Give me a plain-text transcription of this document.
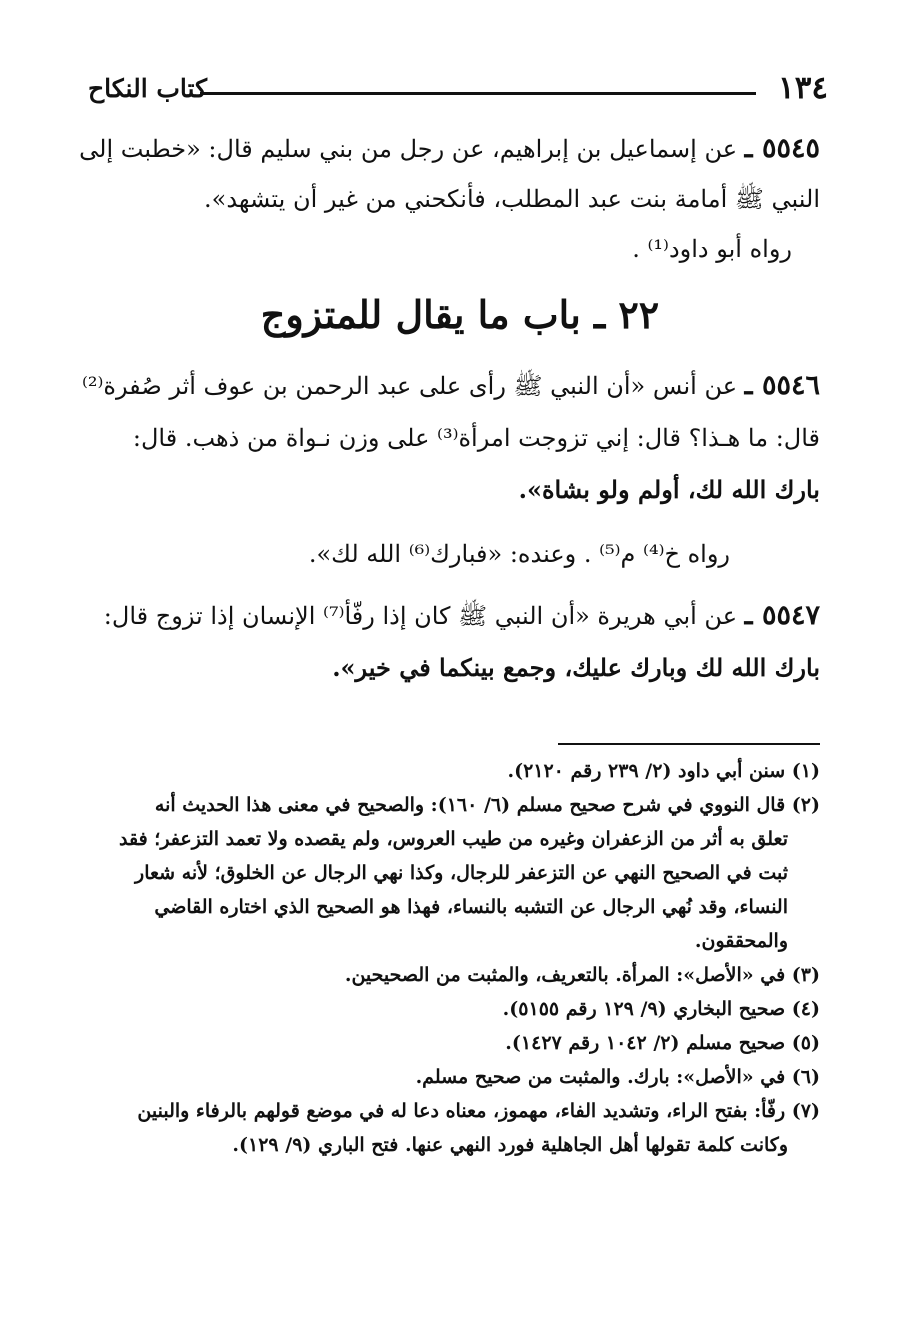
١٣٤
كتاب النكاح
٥٥٤٥ ـ عن إسماعيل بن إبراهيم، عن رجل من بني سليم قال: «خطبت إلى
النبي ﷺ أمامة بنت عبد المطلب، فأنكحني من غير أن يتشهد».
رواه أبو داود⁽¹⁾ .
٢٢ ـ باب ما يقال للمتزوج
٥٥٤٦ ـ عن أنس «أن النبي ﷺ رأى على عبد الرحمن بن عوف أثر صُفرة⁽²⁾
قال: ما هـذا؟ قال: إني تزوجت امرأة⁽³⁾ على وزن نـواة من ذهب. قال:
بارك الله لك، أولم ولو بشاة».
رواه خ⁽⁴⁾ م⁽⁵⁾ . وعنده: «فبارك⁽⁶⁾ الله لك».
٥٥٤٧ ـ عن أبي هريرة «أن النبي ﷺ كان إذا رفّأ⁽⁷⁾ الإنسان إذا تزوج قال:
بارك الله لك وبارك عليك، وجمع بينكما في خير».
(١) سنن أبي داود (٢/ ٢٣٩ رقم ٢١٢٠).
(٢) قال النووي في شرح صحيح مسلم (٦/ ١٦٠): والصحيح في معنى هذا الحديث أنه
تعلق به أثر من الزعفران وغيره من طيب العروس، ولم يقصده ولا تعمد التزعفر؛ فقد
ثبت في الصحيح النهي عن التزعفر للرجال، وكذا نهي الرجال عن الخلوق؛ لأنه شعار
النساء، وقد نُهي الرجال عن التشبه بالنساء، فهذا هو الصحيح الذي اختاره القاضي
والمحققون.
(٣) في «الأصل»: المرأة. بالتعريف، والمثبت من الصحيحين.
(٤) صحيح البخاري (٩/ ١٢٩ رقم ٥١٥٥).
(٥) صحيح مسلم (٢/ ١٠٤٢ رقم ١٤٢٧).
(٦) في «الأصل»: بارك. والمثبت من صحيح مسلم.
(٧) رفّأ: بفتح الراء، وتشديد الفاء، مهموز، معناه دعا له في موضع قولهم بالرفاء والبنين
وكانت كلمة تقولها أهل الجاهلية فورد النهي عنها. فتح الباري (٩/ ١٢٩).
